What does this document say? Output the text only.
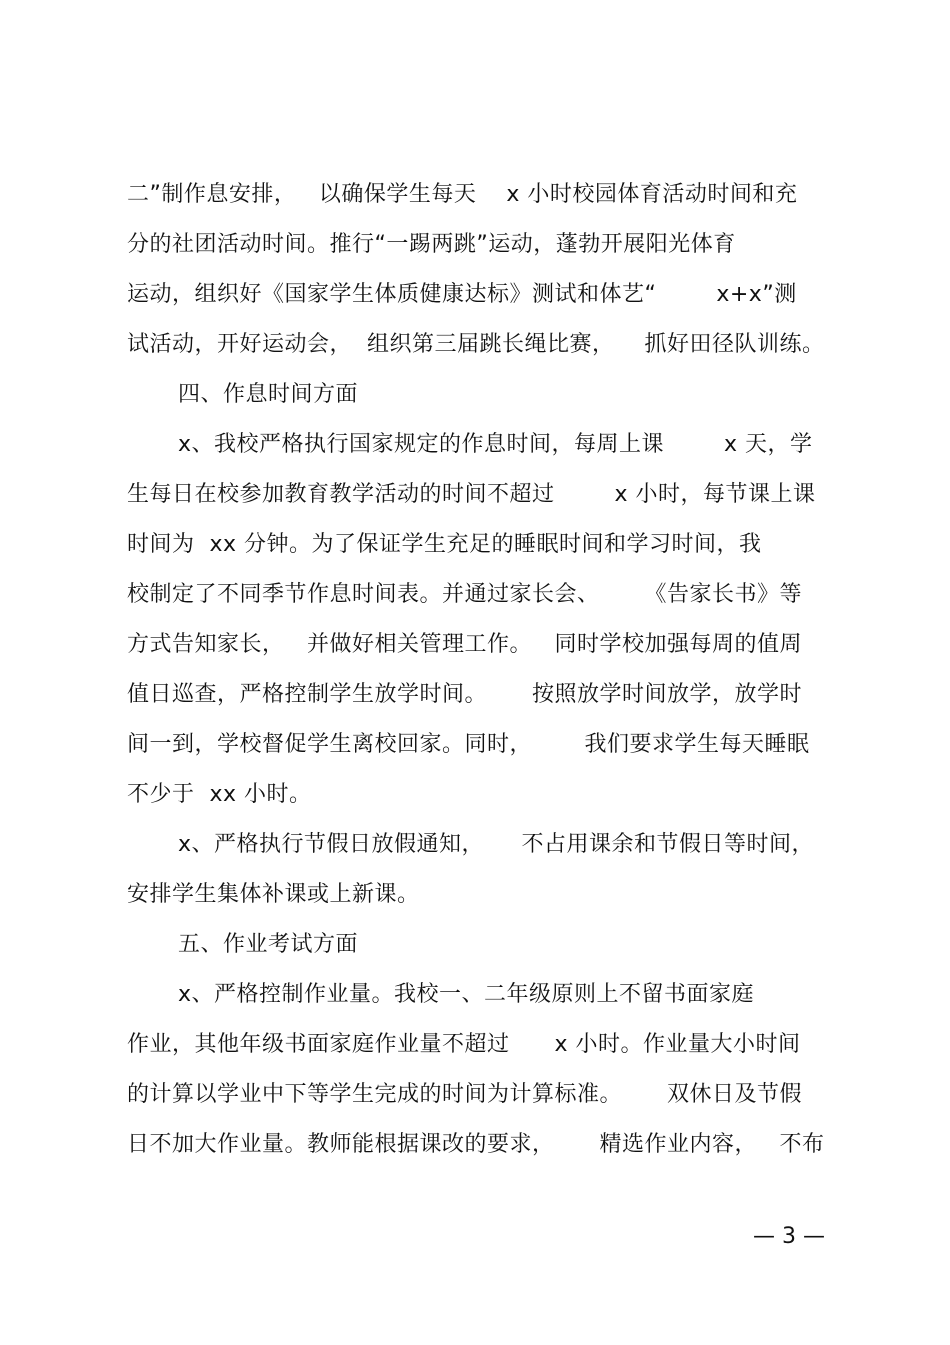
二”制作息安排，   以确保学生每天    x 小时校园体育活动时间和充
分的社团活动时间。推行“一踢两跳”运动，蓬勃开展阳光体育
运动，组织好《国家学生体质健康达标》测试和体艺“        x+x”测
试活动，开好运动会，  组织第三届跳长绳比赛，    抓好田径队训练。
四、作息时间方面
x、我校严格执行国家规定的作息时间，每周上课        x 天，学
生每日在校参加教育教学活动的时间不超过        x 小时，每节课上课
时间为  xx 分钟。为了保证学生充足的睡眠时间和学习时间，我
校制定了不同季节作息时间表。并通过家长会、      《告家长书》等
方式告知家长，   并做好相关管理工作。   同时学校加强每周的值周
值日巡查，严格控制学生放学时间。      按照放学时间放学，放学时
间一到，学校督促学生离校回家。同时，       我们要求学生每天睡眠
不少于  xx 小时。
x、严格执行节假日放假通知，     不占用课余和节假日等时间，
安排学生集体补课或上新课。
五、作业考试方面
x、严格控制作业量。我校一、二年级原则上不留书面家庭
作业，其他年级书面家庭作业量不超过      x 小时。作业量大小时间
的计算以学业中下等学生完成的时间为计算标准。      双休日及节假
日不加大作业量。教师能根据课改的要求，      精选作业内容，   不布
— 3 —
